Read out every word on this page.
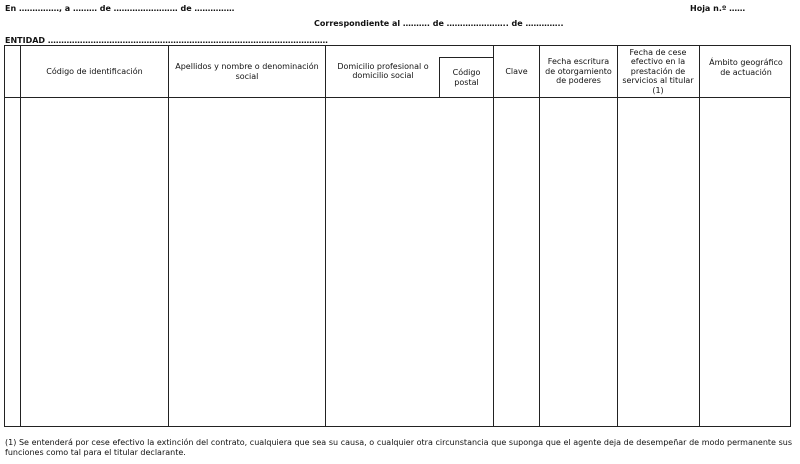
En ……………, a ……… de …………………… de ……………	Hoja n.º ……
Correspondiente al ………. de ………………….. de …………..
ENTIDAD ……………………………………………………………………………………………
Código de identificación
Apellidos y nombre o denominación social
Domicilio profesional o domicilio social	Código postal
Clave
Fecha escritura de otorgamiento de poderes
Fecha de cese efectivo en la prestación de servicios al titular (1)
Ámbito geográfico de actuación
(1) Se entenderá por cese efectivo la extinción del contrato, cualquiera que sea su causa, o cualquier otra circunstancia que suponga que el agente deja de desempeñar de modo permanente sus funciones como tal para el titular declarante.
